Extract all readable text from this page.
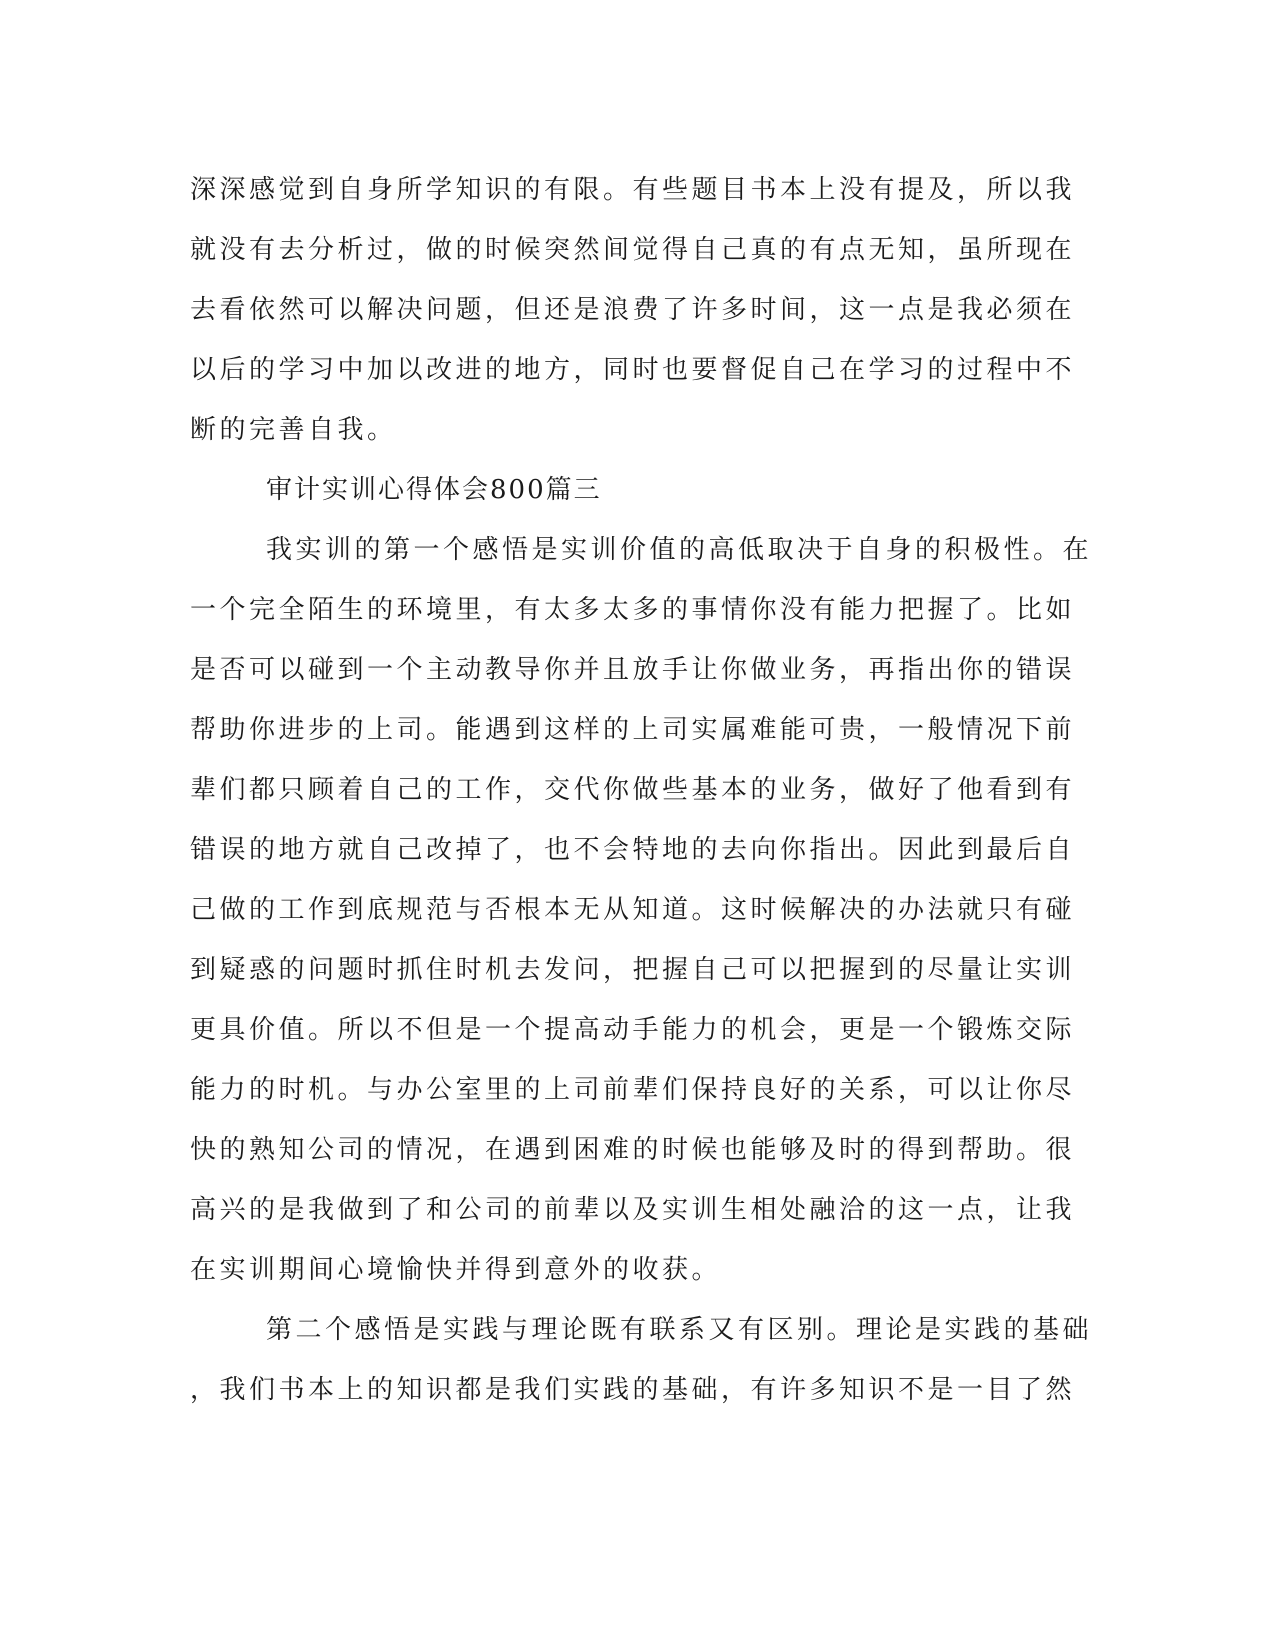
深深感觉到自身所学知识的有限。有些题目书本上没有提及，所以我
就没有去分析过，做的时候突然间觉得自己真的有点无知，虽所现在
去看依然可以解决问题，但还是浪费了许多时间，这一点是我必须在
以后的学习中加以改进的地方，同时也要督促自己在学习的过程中不
断的完善自我。
审计实训心得体会800篇三
我实训的第一个感悟是实训价值的高低取决于自身的积极性。在
一个完全陌生的环境里，有太多太多的事情你没有能力把握了。比如
是否可以碰到一个主动教导你并且放手让你做业务，再指出你的错误
帮助你进步的上司。能遇到这样的上司实属难能可贵，一般情况下前
辈们都只顾着自己的工作，交代你做些基本的业务，做好了他看到有
错误的地方就自己改掉了，也不会特地的去向你指出。因此到最后自
己做的工作到底规范与否根本无从知道。这时候解决的办法就只有碰
到疑惑的问题时抓住时机去发问，把握自己可以把握到的尽量让实训
更具价值。所以不但是一个提高动手能力的机会，更是一个锻炼交际
能力的时机。与办公室里的上司前辈们保持良好的关系，可以让你尽
快的熟知公司的情况，在遇到困难的时候也能够及时的得到帮助。很
高兴的是我做到了和公司的前辈以及实训生相处融洽的这一点，让我
在实训期间心境愉快并得到意外的收获。
第二个感悟是实践与理论既有联系又有区别。理论是实践的基础
，我们书本上的知识都是我们实践的基础，有许多知识不是一目了然
